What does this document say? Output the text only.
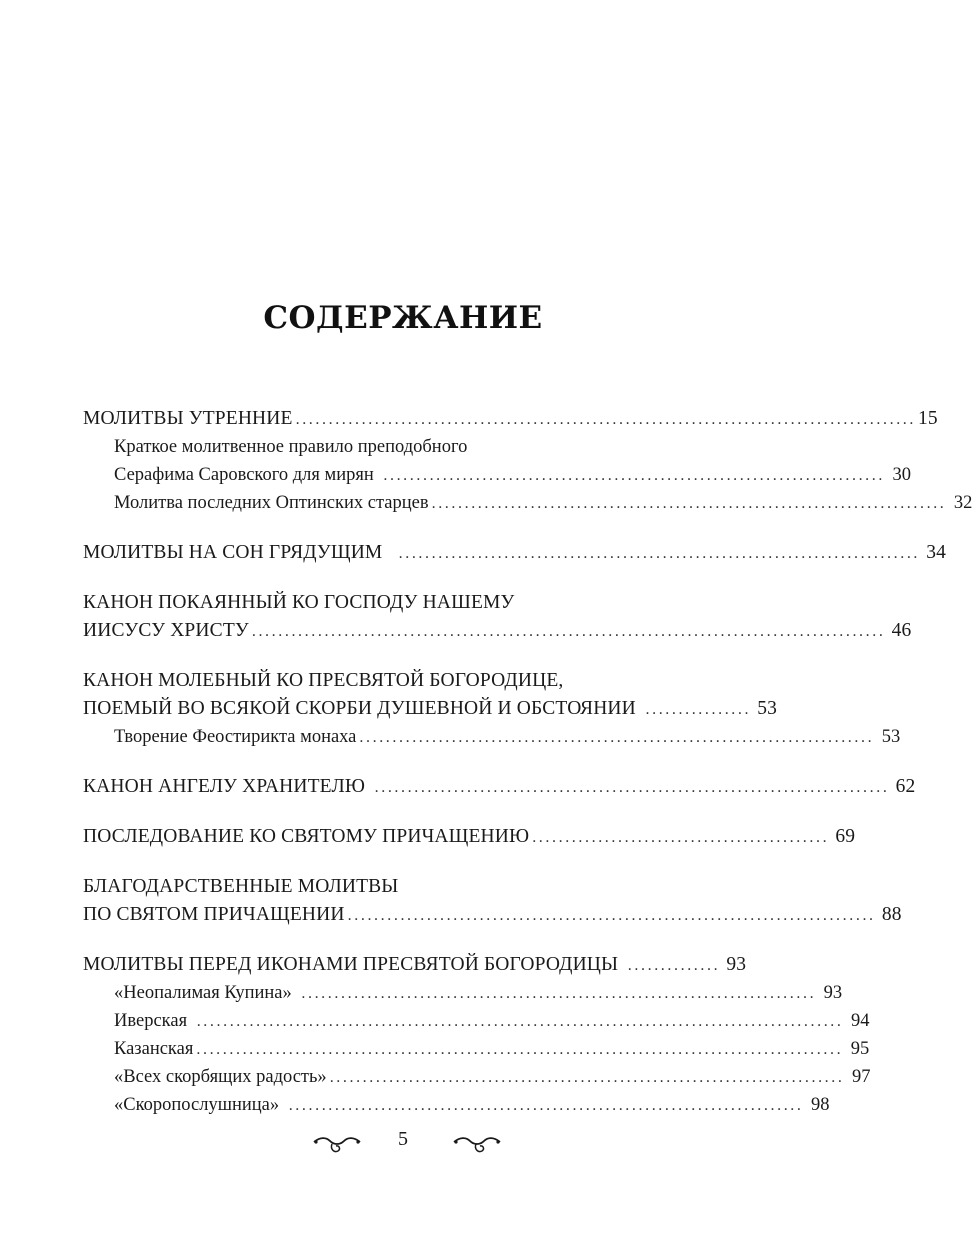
СОДЕРЖАНИЕ
МОЛИТВЫ УТРЕННИЕ .............................................................................................. 15
Краткое молитвенное правило преподобного
Серафима Саровского для мирян ............................................................................ 30
Молитва последних Оптинских старцев .............................................................................. 32
МОЛИТВЫ НА СОН ГРЯДУЩИМ ............................................................................... 34
КАНОН ПОКАЯННЫЙ КО ГОСПОДУ НАШЕМУ
ИИСУСУ ХРИСТУ ................................................................................................ 46
КАНОН МОЛЕБНЫЙ КО ПРЕСВЯТОЙ БОГОРОДИЦЕ,
ПОЕМЫЙ ВО ВСЯКОЙ СКОРБИ ДУШЕВНОЙ И ОБСТОЯНИИ ................ 53
Творение Феостирикта монаха .............................................................................. 53
КАНОН АНГЕЛУ ХРАНИТЕЛЮ .............................................................................. 62
ПОСЛЕДОВАНИЕ КО СВЯТОМУ ПРИЧАЩЕНИЮ ............................................. 69
БЛАГОДАРСТВЕННЫЕ МОЛИТВЫ
ПО СВЯТОМ ПРИЧАЩЕНИИ ................................................................................ 88
МОЛИТВЫ ПЕРЕД ИКОНАМИ ПРЕСВЯТОЙ БОГОРОДИЦЫ .............. 93
«Неопалимая Купина» .............................................................................. 93
Иверская .................................................................................................. 94
Казанская .................................................................................................. 95
«Всех скорбящих радость» .............................................................................. 97
«Скоропослушница» .............................................................................. 98
5
